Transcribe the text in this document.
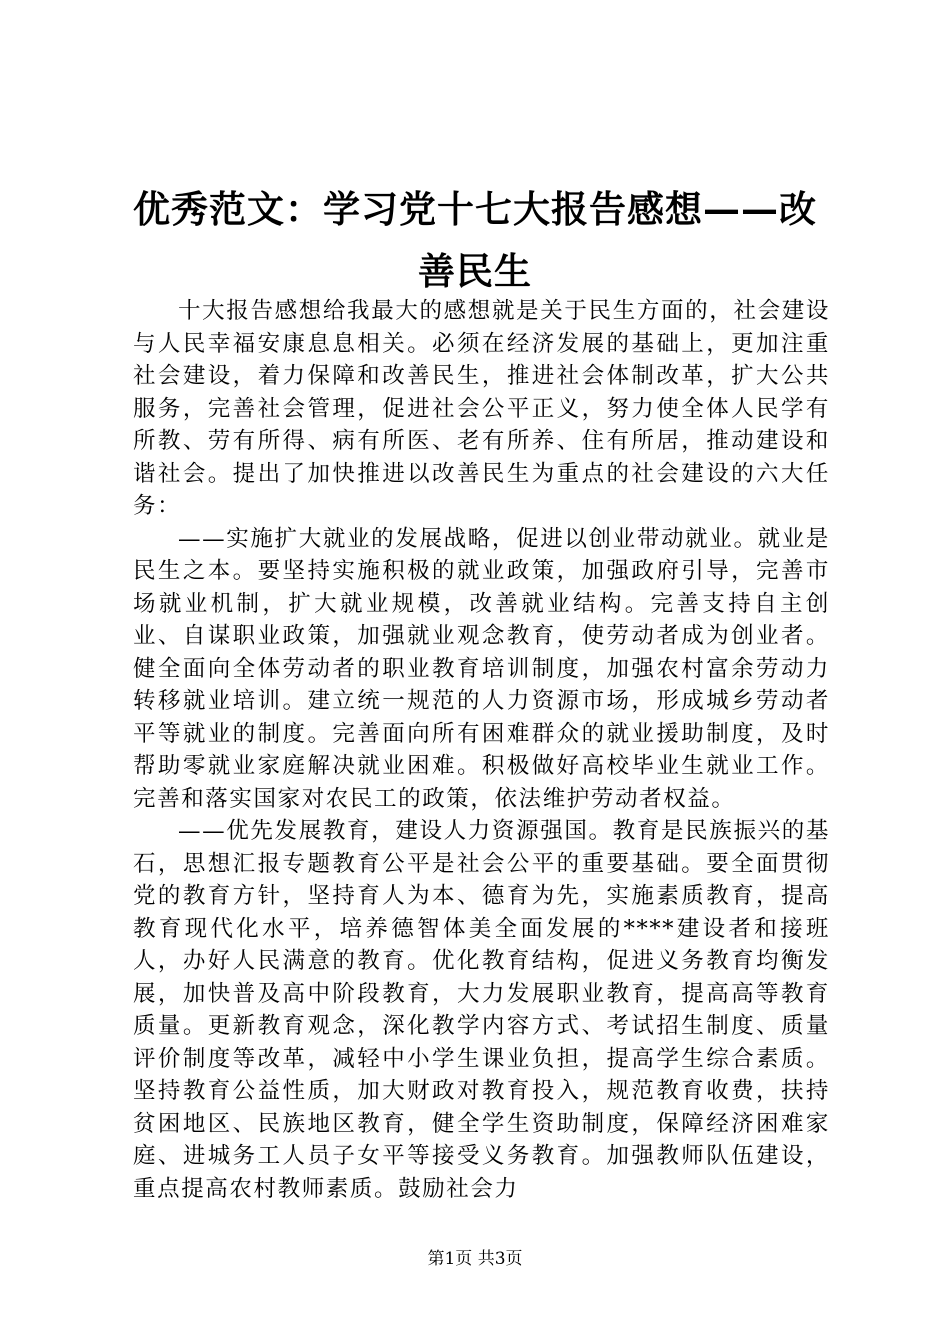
优秀范文：学习党十七大报告感想——改善民生

十大报告感想给我最大的感想就是关于民生方面的，社会建设与人民幸福安康息息相关。必须在经济发展的基础上，更加注重社会建设，着力保障和改善民生，推进社会体制改革，扩大公共服务，完善社会管理，促进社会公平正义，努力使全体人民学有所教、劳有所得、病有所医、老有所养、住有所居，推动建设和谐社会。提出了加快推进以改善民生为重点的社会建设的六大任务：

——实施扩大就业的发展战略，促进以创业带动就业。就业是民生之本。要坚持实施积极的就业政策，加强政府引导，完善市场就业机制，扩大就业规模，改善就业结构。完善支持自主创业、自谋职业政策，加强就业观念教育，使劳动者成为创业者。健全面向全体劳动者的职业教育培训制度，加强农村富余劳动力转移就业培训。建立统一规范的人力资源市场，形成城乡劳动者平等就业的制度。完善面向所有困难群众的就业援助制度，及时帮助零就业家庭解决就业困难。积极做好高校毕业生就业工作。完善和落实国家对农民工的政策，依法维护劳动者权益。

——优先发展教育，建设人力资源强国。教育是民族振兴的基石，思想汇报专题教育公平是社会公平的重要基础。要全面贯彻党的教育方针，坚持育人为本、德育为先，实施素质教育，提高教育现代化水平，培养德智体美全面发展的****建设者和接班人，办好人民满意的教育。优化教育结构，促进义务教育均衡发展，加快普及高中阶段教育，大力发展职业教育，提高高等教育质量。更新教育观念，深化教学内容方式、考试招生制度、质量评价制度等改革，减轻中小学生课业负担，提高学生综合素质。坚持教育公益性质，加大财政对教育投入，规范教育收费，扶持贫困地区、民族地区教育，健全学生资助制度，保障经济困难家庭、进城务工人员子女平等接受义务教育。加强教师队伍建设，重点提高农村教师素质。鼓励社会力

第1页 共3页
